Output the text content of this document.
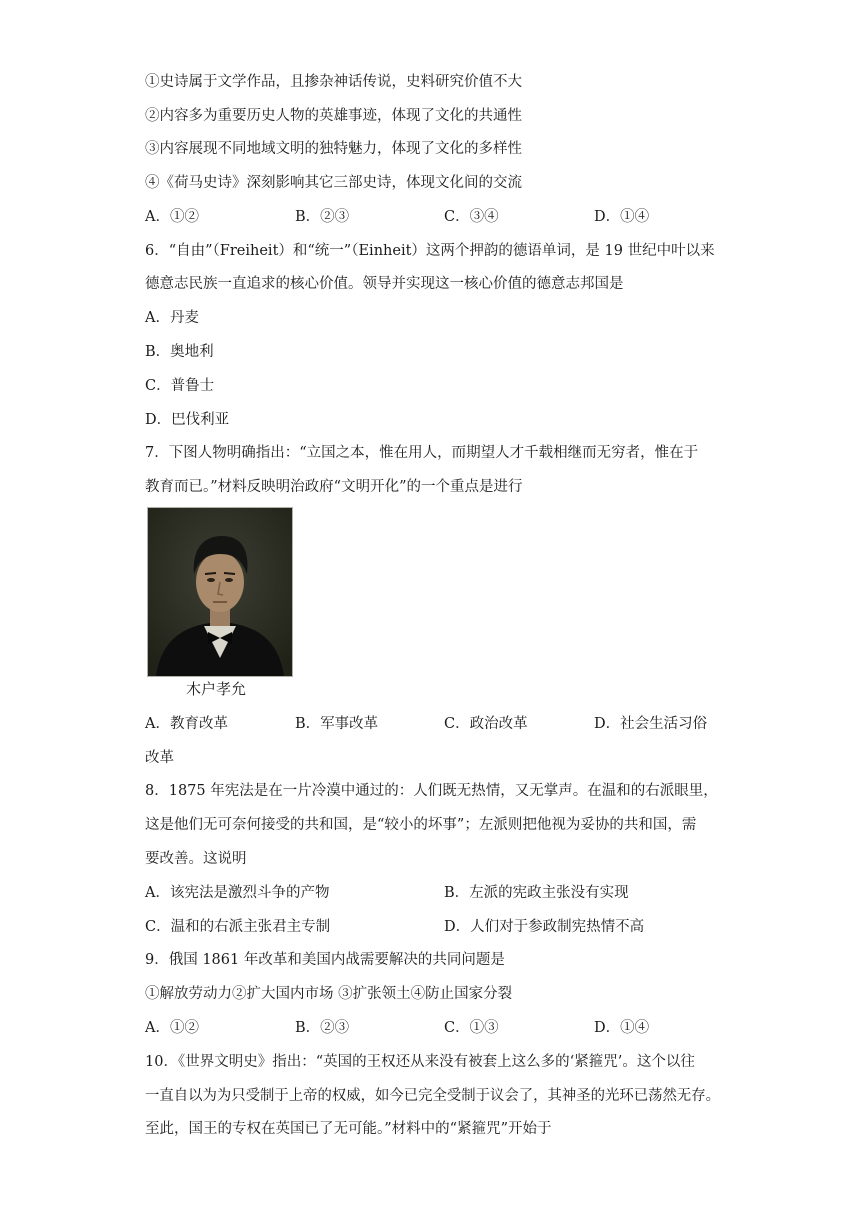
①史诗属于文学作品，且掺杂神话传说，史料研究价值不大
②内容多为重要历史人物的英雄事迹，体现了文化的共通性
③内容展现不同地域文明的独特魅力，体现了文化的多样性
④《荷马史诗》深刻影响其它三部史诗，体现文化间的交流
A．①②	B．②③	C．③④	D．①④
6．“自由”（Freiheit）和“统一”（Einheit）这两个押韵的德语单词，是 19 世纪中叶以来
德意志民族一直追求的核心价值。领导并实现这一核心价值的德意志邦国是
A．丹麦
B．奥地利
C．普鲁士
D．巴伐利亚
7．下图人物明确指出：“立国之本，惟在用人，而期望人才千载相继而无穷者，惟在于
教育而已。”材料反映明治政府“文明开化”的一个重点是进行
木户孝允
A．教育改革	B．军事改革	C．政治改革	D．社会生活习俗
改革
8．1875 年宪法是在一片冷漠中通过的：人们既无热情，又无掌声。在温和的右派眼里，
这是他们无可奈何接受的共和国，是“较小的坏事”；左派则把他视为妥协的共和国，需
要改善。这说明
A．该宪法是激烈斗争的产物	B．左派的宪政主张没有实现
C．温和的右派主张君主专制	D．人们对于参政制宪热情不高
9．俄国 1861 年改革和美国内战需要解决的共同问题是
①解放劳动力②扩大国内市场 ③扩张领土④防止国家分裂
A．①②	B．②③	C．①③	D．①④
10．《世界文明史》指出：“英国的王权还从来没有被套上这么多的‘紧箍咒’。这个以往
一直自以为为只受制于上帝的权威，如今已完全受制于议会了，其神圣的光环已荡然无存。
至此，国王的专权在英国已了无可能。”材料中的“紧箍咒”开始于
